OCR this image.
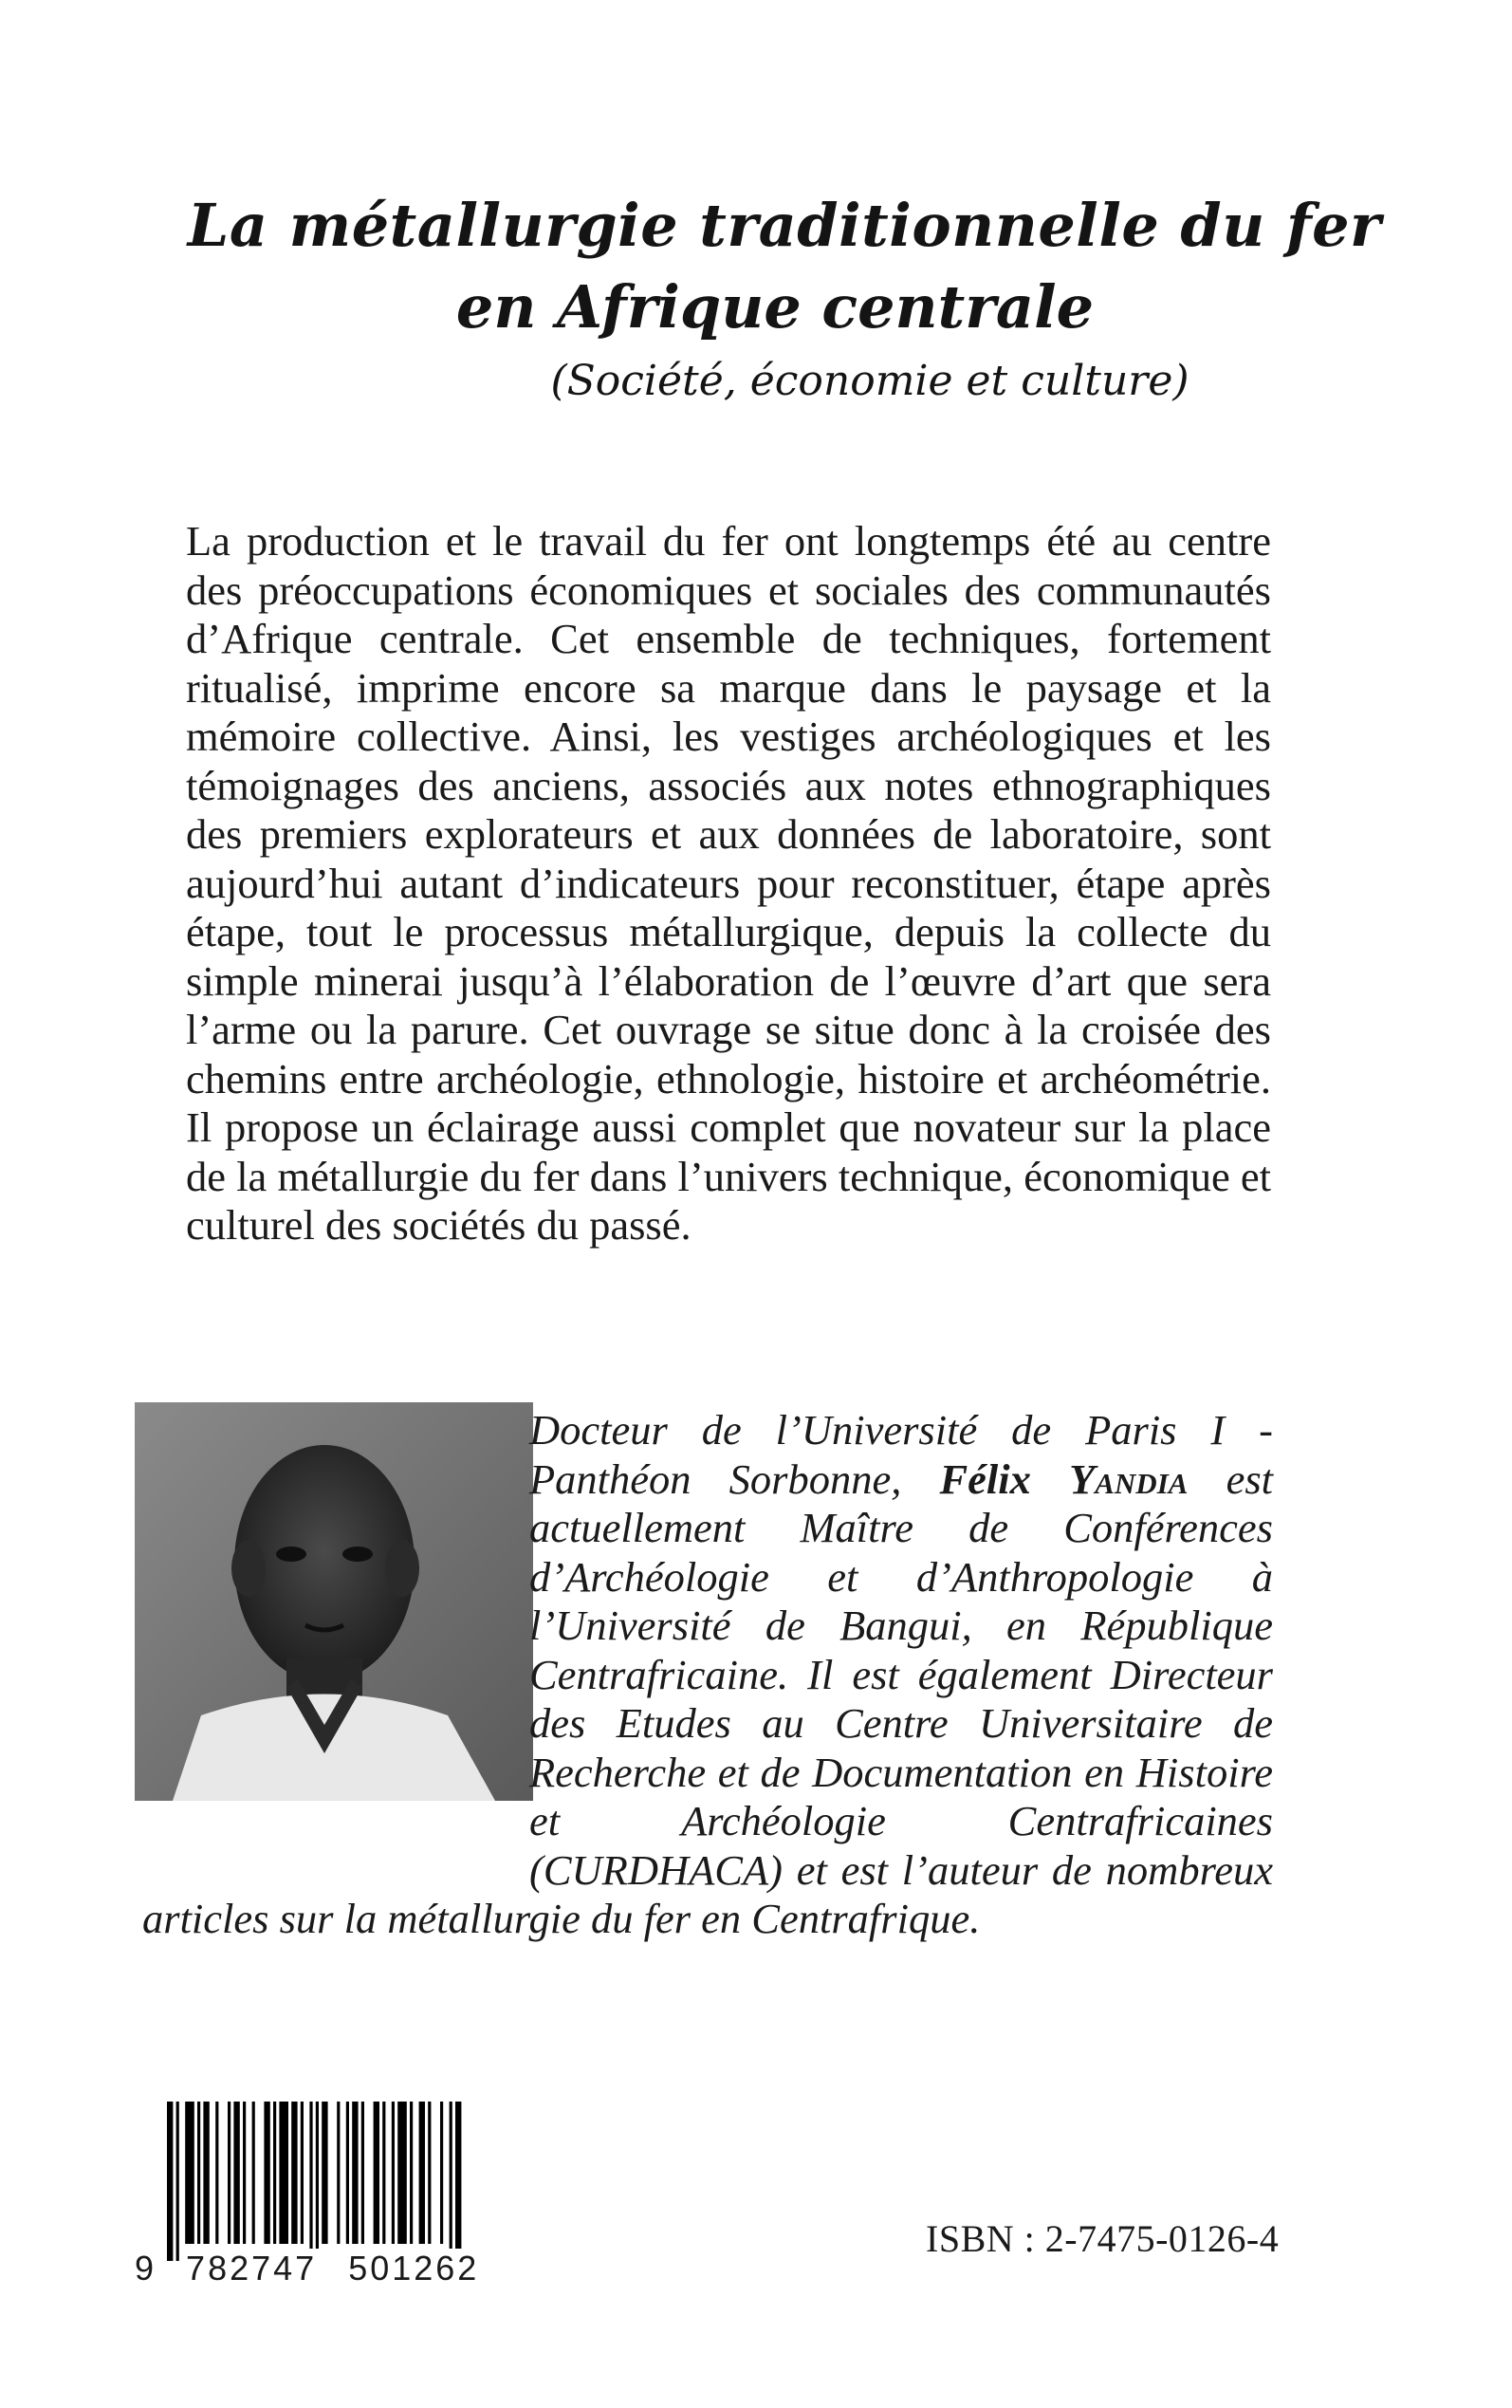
La métallurgie traditionnelle du fer
en Afrique centrale
(Société, économie et culture)

La production et le travail du fer ont longtemps été au centre des préoccupations économiques et sociales des communautés d’Afrique centrale. Cet ensemble de techniques, fortement ritualisé, imprime encore sa marque dans le paysage et la mémoire collective. Ainsi, les vestiges archéologiques et les témoignages des anciens, associés aux notes ethnographiques des premiers explorateurs et aux données de laboratoire, sont aujourd’hui autant d’indicateurs pour reconstituer, étape après étape, tout le processus métallurgique, depuis la collecte du simple minerai jusqu’à l’élaboration de l’œuvre d’art que sera l’arme ou la parure. Cet ouvrage se situe donc à la croisée des chemins entre archéologie, ethnologie, histoire et archéométrie. Il propose un éclairage aussi complet que novateur sur la place de la métallurgie du fer dans l’univers technique, économique et culturel des sociétés du passé.

Docteur de l’Université de Paris I - Panthéon Sorbonne, Félix Yandia est actuellement Maître de Conférences d’Archéologie et d’Anthropologie à l’Université de Bangui, en République Centrafricaine. Il est également Directeur des Etudes au Centre Universitaire de Recherche et de Documentation en Histoire et Archéologie Centrafricaines (CURDHACA) et est l’auteur de nombreux articles sur la métallurgie du fer en Centrafrique.

9 782747 501262
ISBN : 2-7475-0126-4
